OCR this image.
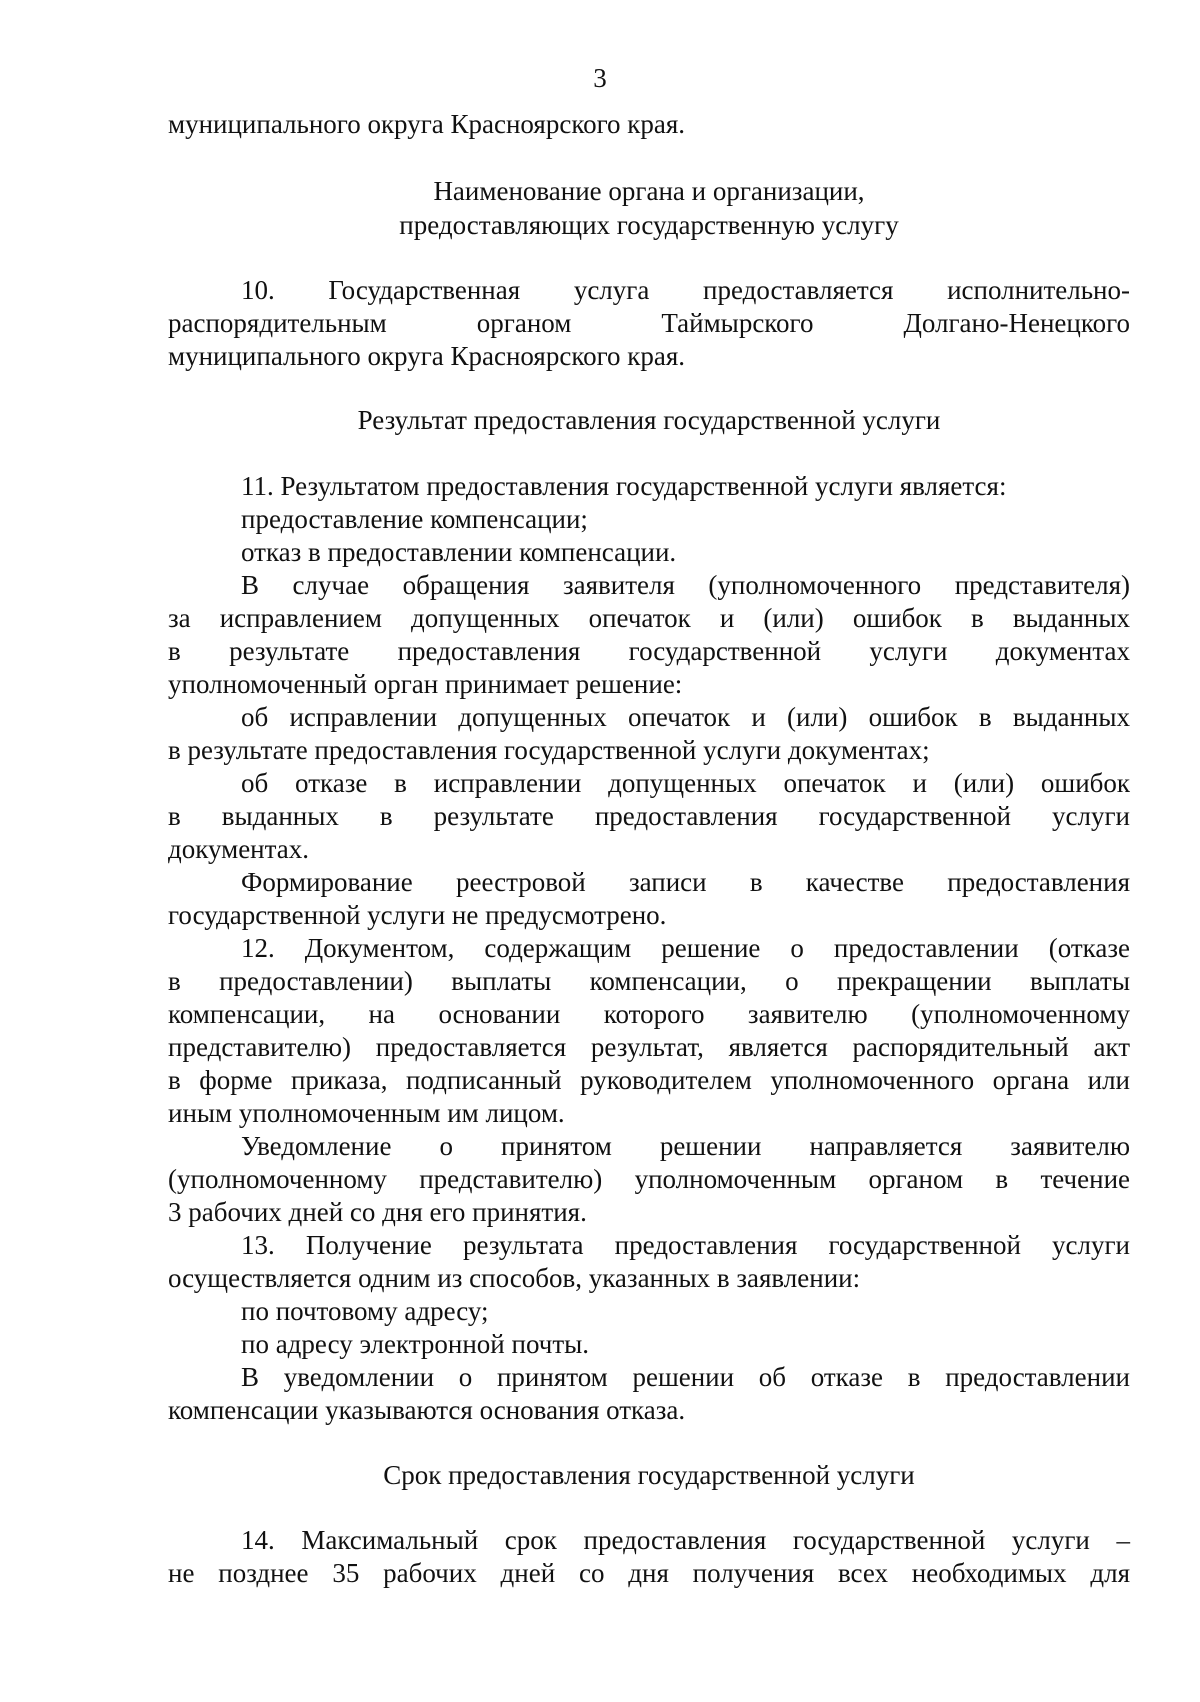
3

муниципального округа Красноярского края.

Наименование органа и организации,

предоставляющих государственную услугу

10. Государственная услуга предоставляется исполнительно-

распорядительным органом Таймырского Долгано-Ненецкого

муниципального округа Красноярского края.

Результат предоставления государственной услуги

11. Результатом предоставления государственной услуги является:

предоставление компенсации;

отказ в предоставлении компенсации.

В случае обращения заявителя (уполномоченного представителя)

за исправлением допущенных опечаток и (или) ошибок в выданных

в результате предоставления государственной услуги документах

уполномоченный орган принимает решение:

об исправлении допущенных опечаток и (или) ошибок в выданных

в результате предоставления государственной услуги документах;

об отказе в исправлении допущенных опечаток и (или) ошибок

в выданных в результате предоставления государственной услуги

документах.

Формирование реестровой записи в качестве предоставления

государственной услуги не предусмотрено.

12. Документом, содержащим решение о предоставлении (отказе

в предоставлении) выплаты компенсации, о прекращении выплаты

компенсации, на основании которого заявителю (уполномоченному

представителю) предоставляется результат, является распорядительный акт

в форме приказа, подписанный руководителем уполномоченного органа или

иным уполномоченным им лицом.

Уведомление о принятом решении направляется заявителю

(уполномоченному представителю) уполномоченным органом в течение

3 рабочих дней со дня его принятия.

13. Получение результата предоставления государственной услуги

осуществляется одним из способов, указанных в заявлении:

по почтовому адресу;

по адресу электронной почты.

В уведомлении о принятом решении об отказе в предоставлении

компенсации указываются основания отказа.

Срок предоставления государственной услуги

14. Максимальный срок предоставления государственной услуги –

не позднее 35 рабочих дней со дня получения всех необходимых для
